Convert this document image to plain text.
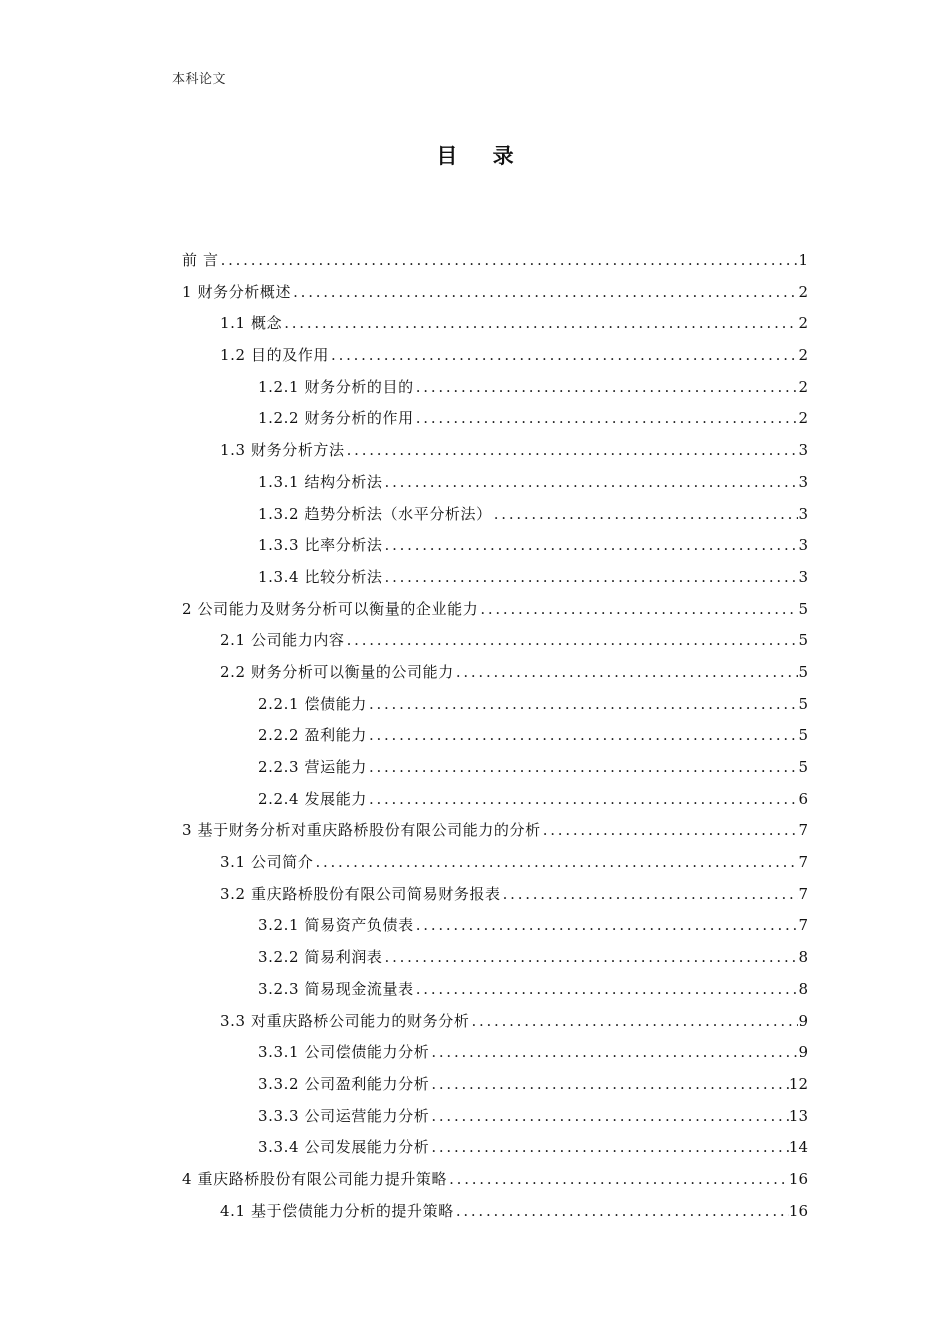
本科论文
目 录
前 言 . . .	1
1 财务分析概述 . . .	2
1.1 概念 . . .	2
1.2 目的及作用 . . .	2
1.2.1 财务分析的目的 . . .	2
1.2.2 财务分析的作用 . . .	2
1.3 财务分析方法 . . .	3
1.3.1 结构分析法 . . .	3
1.3.2 趋势分析法（水平分析法） . . .	3
1.3.3 比率分析法 . . .	3
1.3.4 比较分析法 . . .	3
2 公司能力及财务分析可以衡量的企业能力 . . .	5
2.1 公司能力内容 . . .	5
2.2 财务分析可以衡量的公司能力 . . .	5
2.2.1 偿债能力 . . .	5
2.2.2 盈利能力 . . .	5
2.2.3 营运能力 . . .	5
2.2.4 发展能力 . . .	6
3 基于财务分析对重庆路桥股份有限公司能力的分析 . . .	7
3.1 公司简介 . . .	7
3.2 重庆路桥股份有限公司简易财务报表 . . .	7
3.2.1 简易资产负债表 . . .	7
3.2.2 简易利润表 . . .	8
3.2.3 简易现金流量表 . . .	8
3.3 对重庆路桥公司能力的财务分析 . . .	9
3.3.1 公司偿债能力分析 . . .	9
3.3.2 公司盈利能力分析 . . .	12
3.3.3 公司运营能力分析 . . .	13
3.3.4 公司发展能力分析 . . .	14
4 重庆路桥股份有限公司能力提升策略 . . .	16
4.1 基于偿债能力分析的提升策略 . . .	16
